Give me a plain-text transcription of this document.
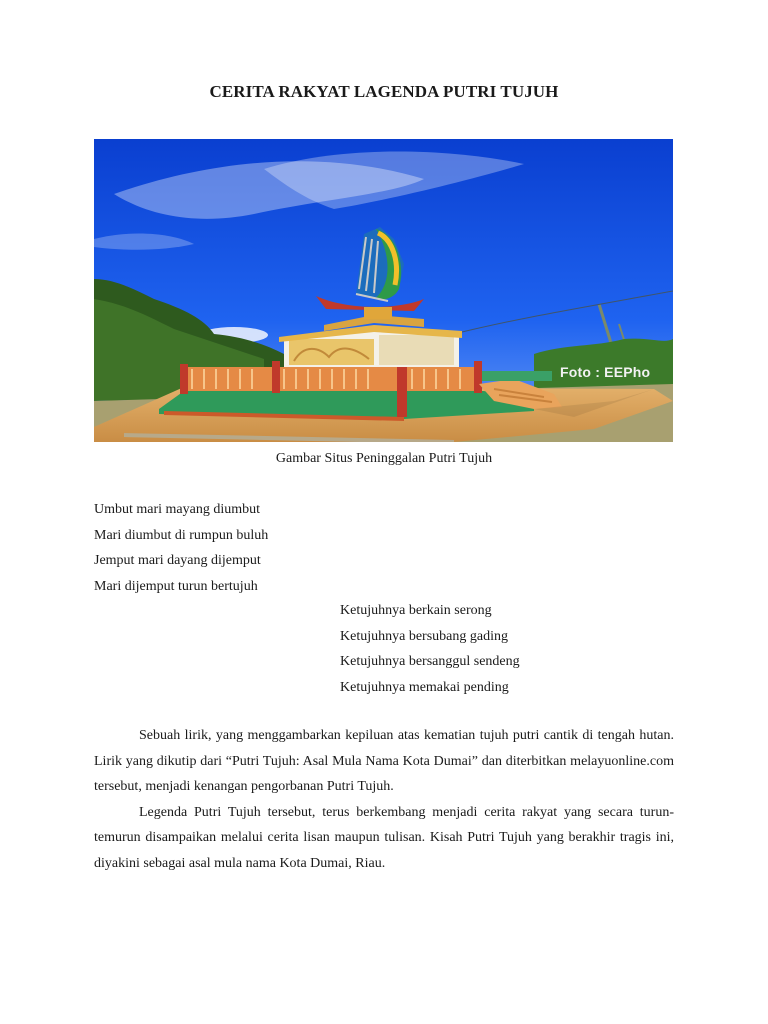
CERITA RAKYAT LAGENDA PUTRI TUJUH
Foto : EEPho
Gambar Situs Peninggalan Putri Tujuh
Umbut mari mayang diumbut
Mari diumbut di rumpun buluh
Jemput mari dayang dijemput
Mari dijemput turun bertujuh
Ketujuhnya berkain serong
Ketujuhnya bersubang gading
Ketujuhnya bersanggul sendeng
Ketujuhnya memakai pending

Sebuah lirik, yang menggambarkan kepiluan atas kematian tujuh putri cantik di tengah hutan. Lirik yang dikutip dari “Putri Tujuh: Asal Mula Nama Kota Dumai” dan diterbitkan melayuonline.com tersebut, menjadi kenangan pengorbanan Putri Tujuh.

Legenda Putri Tujuh tersebut, terus berkembang menjadi cerita rakyat yang secara turun-temurun disampaikan melalui cerita lisan maupun tulisan. Kisah Putri Tujuh yang berakhir tragis ini, diyakini sebagai asal mula nama Kota Dumai, Riau.
